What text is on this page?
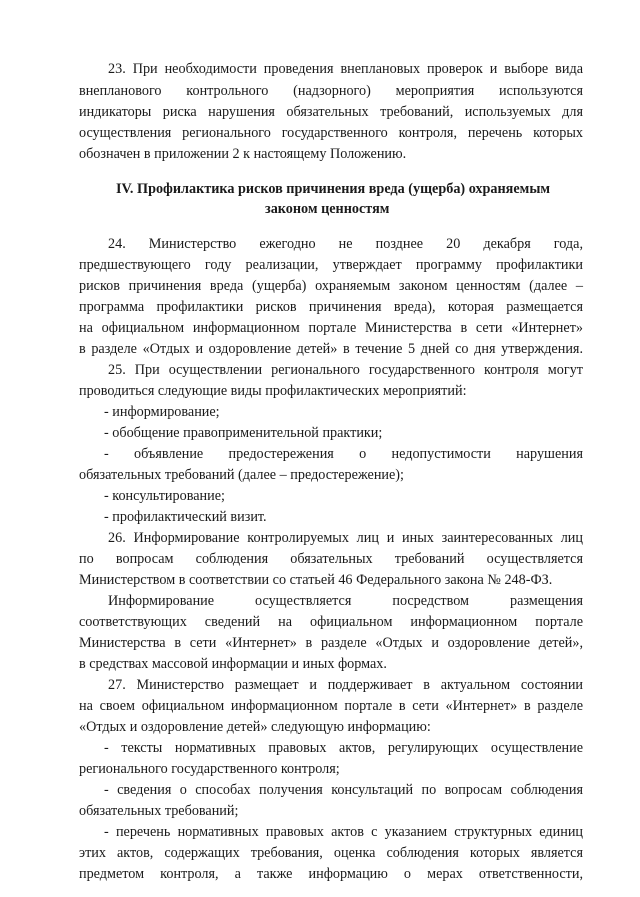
23. При необходимости проведения внеплановых проверок и выборе вида
внепланового контрольного (надзорного) мероприятия используются
индикаторы риска нарушения обязательных требований, используемых для
осуществления регионального государственного контроля, перечень которых
обозначен в приложении 2 к настоящему Положению.
IV. Профилактика рисков причинения вреда (ущерба) охраняемым
законом ценностям
24. Министерство ежегодно не позднее 20 декабря года,
предшествующего году реализации, утверждает программу профилактики
рисков причинения вреда (ущерба) охраняемым законом ценностям (далее –
программа профилактики рисков причинения вреда), которая размещается
на официальном информационном портале Министерства в сети «Интернет»
в разделе «Отдых и оздоровление детей» в течение 5 дней со дня утверждения.
25. При осуществлении регионального государственного контроля могут
проводиться следующие виды профилактических мероприятий:
- информирование;
- обобщение правоприменительной практики;
- объявление предостережения о недопустимости нарушения
обязательных требований (далее – предостережение);
- консультирование;
- профилактический визит.
26. Информирование контролируемых лиц и иных заинтересованных лиц
по вопросам соблюдения обязательных требований осуществляется
Министерством в соответствии со статьей 46 Федерального закона № 248-ФЗ.
Информирование осуществляется посредством размещения
соответствующих сведений на официальном информационном портале
Министерства в сети «Интернет» в разделе «Отдых и оздоровление детей»,
в средствах массовой информации и иных формах.
27. Министерство размещает и поддерживает в актуальном состоянии
на своем официальном информационном портале в сети «Интернет» в разделе
«Отдых и оздоровление детей» следующую информацию:
- тексты нормативных правовых актов, регулирующих осуществление
регионального государственного контроля;
- сведения о способах получения консультаций по вопросам соблюдения
обязательных требований;
- перечень нормативных правовых актов с указанием структурных единиц
этих актов, содержащих требования, оценка соблюдения которых является
предметом контроля, а также информацию о мерах ответственности,
